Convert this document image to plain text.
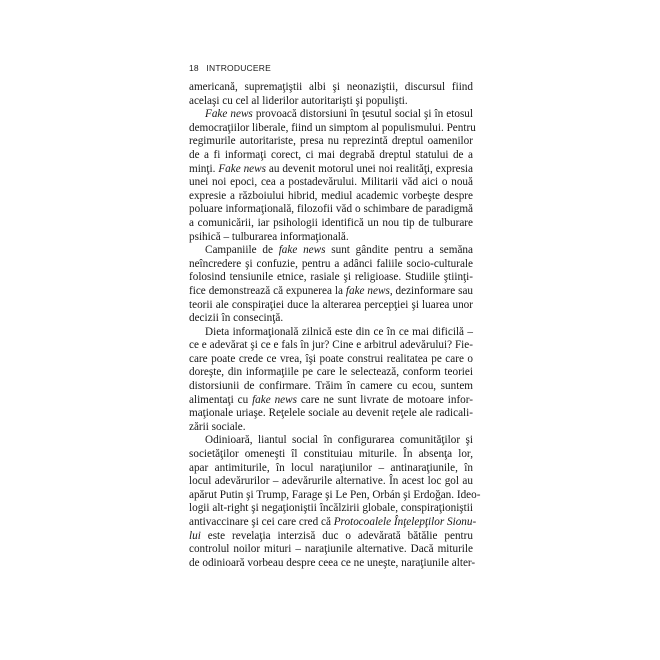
18 INTRODUCERE
americană, supremaţiştii albi şi neonaziştii, discursul fiind
acelaşi cu cel al liderilor autoritarişti şi populişti.
Fake news provoacă distorsiuni în ţesutul social şi în etosul
democraţiilor liberale, fiind un simptom al populismului. Pentru
regimurile autoritariste, presa nu reprezintă dreptul oamenilor
de a fi informaţi corect, ci mai degrabă dreptul statului de a
minţi. Fake news au devenit motorul unei noi realităţi, expresia
unei noi epoci, cea a postadevărului. Militarii văd aici o nouă
expresie a războiului hibrid, mediul academic vorbeşte despre
poluare informaţională, filozofii văd o schimbare de paradigmă
a comunicării, iar psihologii identifică un nou tip de tulburare
psihică – tulburarea informaţională.
Campaniile de fake news sunt gândite pentru a semăna
neîncredere şi confuzie, pentru a adânci faliile socio-culturale
folosind tensiunile etnice, rasiale şi religioase. Studiile ştiinţi-
fice demonstrează că expunerea la fake news, dezinformare sau
teorii ale conspiraţiei duce la alterarea percepţiei şi luarea unor
decizii în consecinţă.
Dieta informaţională zilnică este din ce în ce mai dificilă –
ce e adevărat şi ce e fals în jur? Cine e arbitrul adevărului? Fie-
care poate crede ce vrea, îşi poate construi realitatea pe care o
doreşte, din informaţiile pe care le selectează, conform teoriei
distorsiunii de confirmare. Trăim în camere cu ecou, suntem
alimentaţi cu fake news care ne sunt livrate de motoare infor-
maţionale uriaşe. Reţelele sociale au devenit reţele ale radicali-
zării sociale.
Odinioară, liantul social în configurarea comunităţilor şi
societăţilor omeneşti îl constituiau miturile. În absenţa lor,
apar antimiturile, în locul naraţiunilor – antinaraţiunile, în
locul adevărurilor – adevărurile alternative. În acest loc gol au
apărut Putin şi Trump, Farage şi Le Pen, Orbán şi Erdoğan. Ideo-
logii alt-right şi negaţioniştii încălzirii globale, conspiraţioniştii
antivaccinare şi cei care cred că Protocoalele Înţelepţilor Sionu-
lui este revelaţia interzisă duc o adevărată bătălie pentru
controlul noilor mituri – naraţiunile alternative. Dacă miturile
de odinioară vorbeau despre ceea ce ne uneşte, naraţiunile alter-
